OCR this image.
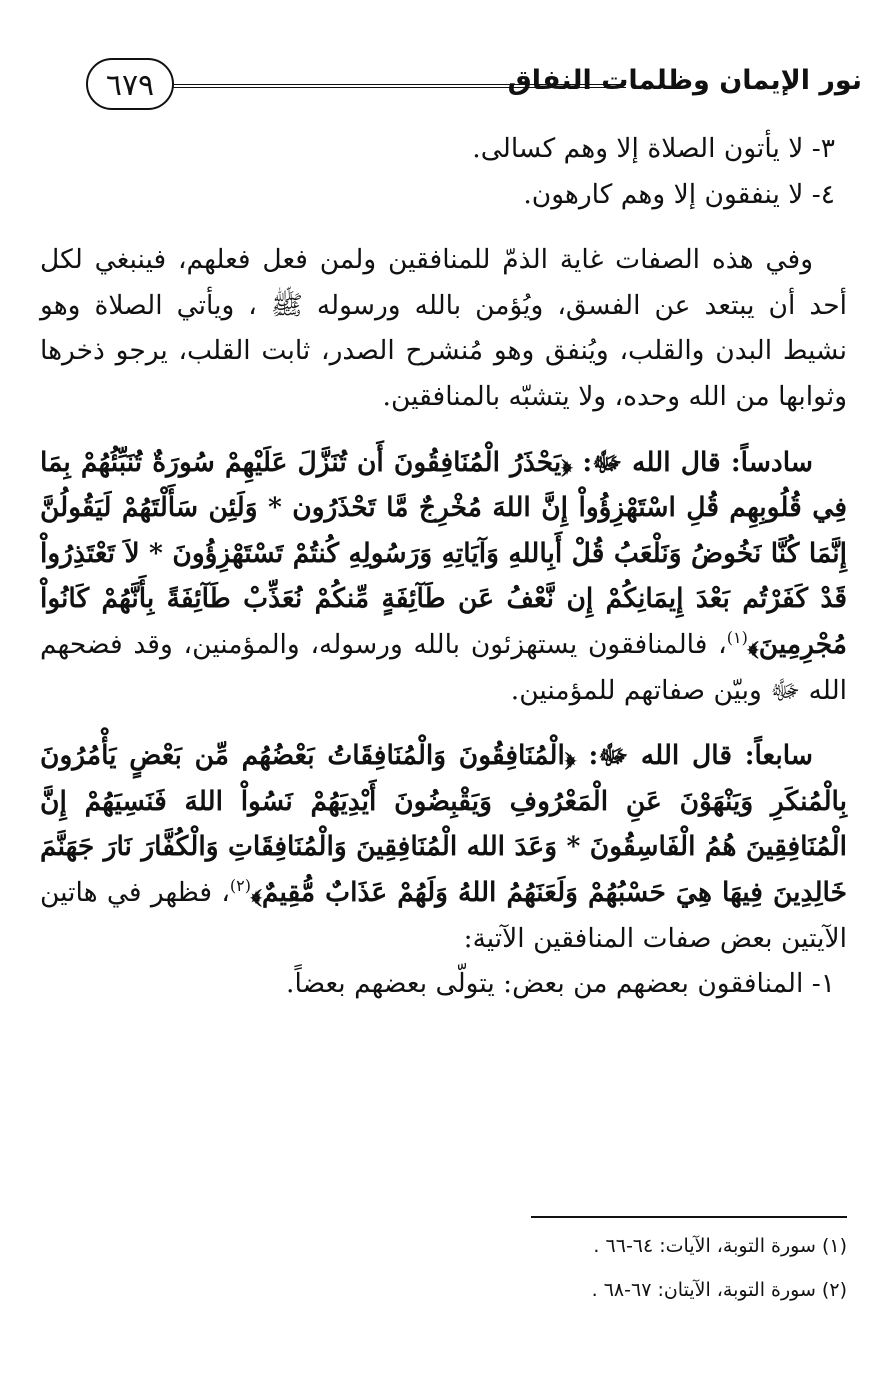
نور الإيمان وظلمات النفاق
٦٧٩

٣- لا يأتون الصلاة إلا وهم كسالى.

٤- لا ينفقون إلا وهم كارهون.

وفي هذه الصفات غاية الذمّ للمنافقين ولمن فعل فعلهم، فينبغي لكل أحد أن يبتعد عن الفسق، ويُؤمن بالله ورسوله ﷺ ، ويأتي الصلاة وهو نشيط البدن والقلب، ويُنفق وهو مُنشرح الصدر، ثابت القلب، يرجو ذخرها وثوابها من الله وحده، ولا يتشبّه بالمنافقين.

سادساً: قال الله ﷻ: ﴿يَحْذَرُ الْمُنَافِقُونَ أَن تُنَزَّلَ عَلَيْهِمْ سُورَةٌ تُنَبِّئُهُمْ بِمَا فِي قُلُوبِهِم قُلِ اسْتَهْزِؤُواْ إِنَّ اللهَ مُخْرِجٌ مَّا تَحْذَرُون * وَلَئِن سَأَلْتَهُمْ لَيَقُولُنَّ إِنَّمَا كُنَّا نَخُوضُ وَنَلْعَبُ قُلْ أَبِاللهِ وَآيَاتِهِ وَرَسُولِهِ كُنتُمْ تَسْتَهْزِؤُونَ * لاَ تَعْتَذِرُواْ قَدْ كَفَرْتُم بَعْدَ إِيمَانِكُمْ إِن نَّعْفُ عَن طَآئِفَةٍ مِّنكُمْ نُعَذِّبْ طَآئِفَةً بِأَنَّهُمْ كَانُواْ مُجْرِمِينَ﴾$^{(١)}$، فالمنافقون يستهزئون بالله ورسوله، والمؤمنين، وقد فضحهم الله ﷻ وبيّن صفاتهم للمؤمنين.

سابعاً: قال الله ﷻ: ﴿الْمُنَافِقُونَ وَالْمُنَافِقَاتُ بَعْضُهُم مِّن بَعْضٍ يَأْمُرُونَ بِالْمُنكَرِ وَيَنْهَوْنَ عَنِ الْمَعْرُوفِ وَيَقْبِضُونَ أَيْدِيَهُمْ نَسُواْ اللهَ فَنَسِيَهُمْ إِنَّ الْمُنَافِقِينَ هُمُ الْفَاسِقُونَ * وَعَدَ الله الْمُنَافِقِينَ وَالْمُنَافِقَاتِ وَالْكُفَّارَ نَارَ جَهَنَّمَ خَالِدِينَ فِيهَا هِيَ حَسْبُهُمْ وَلَعَنَهُمُ اللهُ وَلَهُمْ عَذَابٌ مُّقِيمٌ﴾$^{(٢)}$، فظهر في هاتين الآيتين بعض صفات المنافقين الآتية:

١- المنافقون بعضهم من بعض: يتولّى بعضهم بعضاً.

(١) سورة التوبة، الآيات: ٦٤-٦٦ .

(٢) سورة التوبة، الآيتان: ٦٧-٦٨ .
